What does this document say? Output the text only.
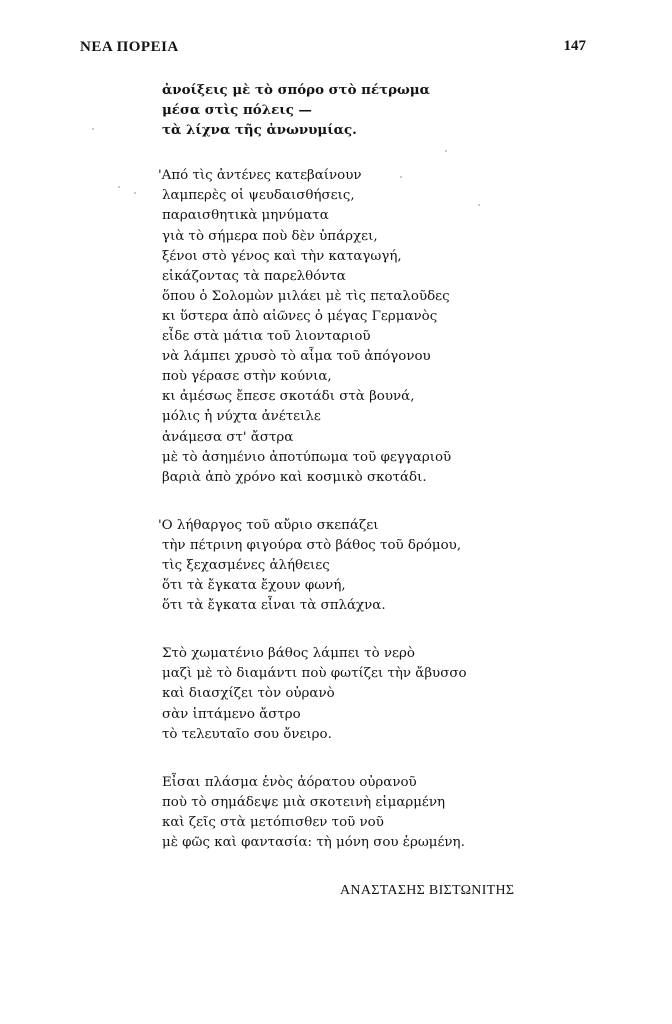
ΝΕΑ ΠΟΡΕΙΑ	147
ἀνοίξεις μὲ τὸ σπόρο στὸ πέτρωμα
μέσα στὶς πόλεις —
τὰ λίχνα τῆς ἀνωνυμίας.
'Από τὶς ἀντένες κατεβαίνουν
λαμπερὲς οἱ ψευδαισθήσεις,
παραισθητικὰ μηνύματα
γιὰ τὸ σήμερα ποὺ δὲν ὑπάρχει,
ξένοι στὸ γένος καὶ τὴν καταγωγή,
εἰκάζοντας τὰ παρελθόντα
ὅπου ὁ Σολομὼν μιλάει μὲ τὶς πεταλοῦδες
κι ὕστερα ἀπὸ αἰῶνες ὁ μέγας Γερμανὸς
εἶδε στὰ μάτια τοῦ λιονταριοῦ
νὰ λάμπει χρυσὸ τὸ αἷμα τοῦ ἀπόγονου
ποὺ γέρασε στὴν κούνια,
κι ἀμέσως ἔπεσε σκοτάδι στὰ βουνά,
μόλις ἡ νύχτα ἀνέτειλε
ἀνάμεσα στ' ἄστρα
μὲ τὸ ἀσημένιο ἀποτύπωμα τοῦ φεγγαριοῦ
βαριὰ ἀπὸ χρόνο καὶ κοσμικὸ σκοτάδι.
'Ο λήθαργος τοῦ αὔριο σκεπάζει
τὴν πέτρινη φιγούρα στὸ βάθος τοῦ δρόμου,
τὶς ξεχασμένες ἀλήθειες
ὅτι τὰ ἔγκατα ἔχουν φωνή,
ὅτι τὰ ἔγκατα εἶναι τὰ σπλάχνα.
Στὸ χωματένιο βάθος λάμπει τὸ νερὸ
μαζὶ μὲ τὸ διαμάντι ποὺ φωτίζει τὴν ἄβυσσο
καὶ διασχίζει τὸν οὐρανὸ
σὰν ἱπτάμενο ἄστρο
τὸ τελευταῖο σου ὄνειρο.
Εἶσαι πλάσμα ἑνὸς ἀόρατου οὐρανοῦ
ποὺ τὸ σημάδεψε μιὰ σκοτεινὴ εἱμαρμένη
καὶ ζεῖς στὰ μετόπισθεν τοῦ νοῦ
μὲ φῶς καὶ φαντασία: τὴ μόνη σου ἐρωμένη.
ΑΝΑΣΤΑΣΗΣ ΒΙΣΤΩΝΙΤΗΣ
